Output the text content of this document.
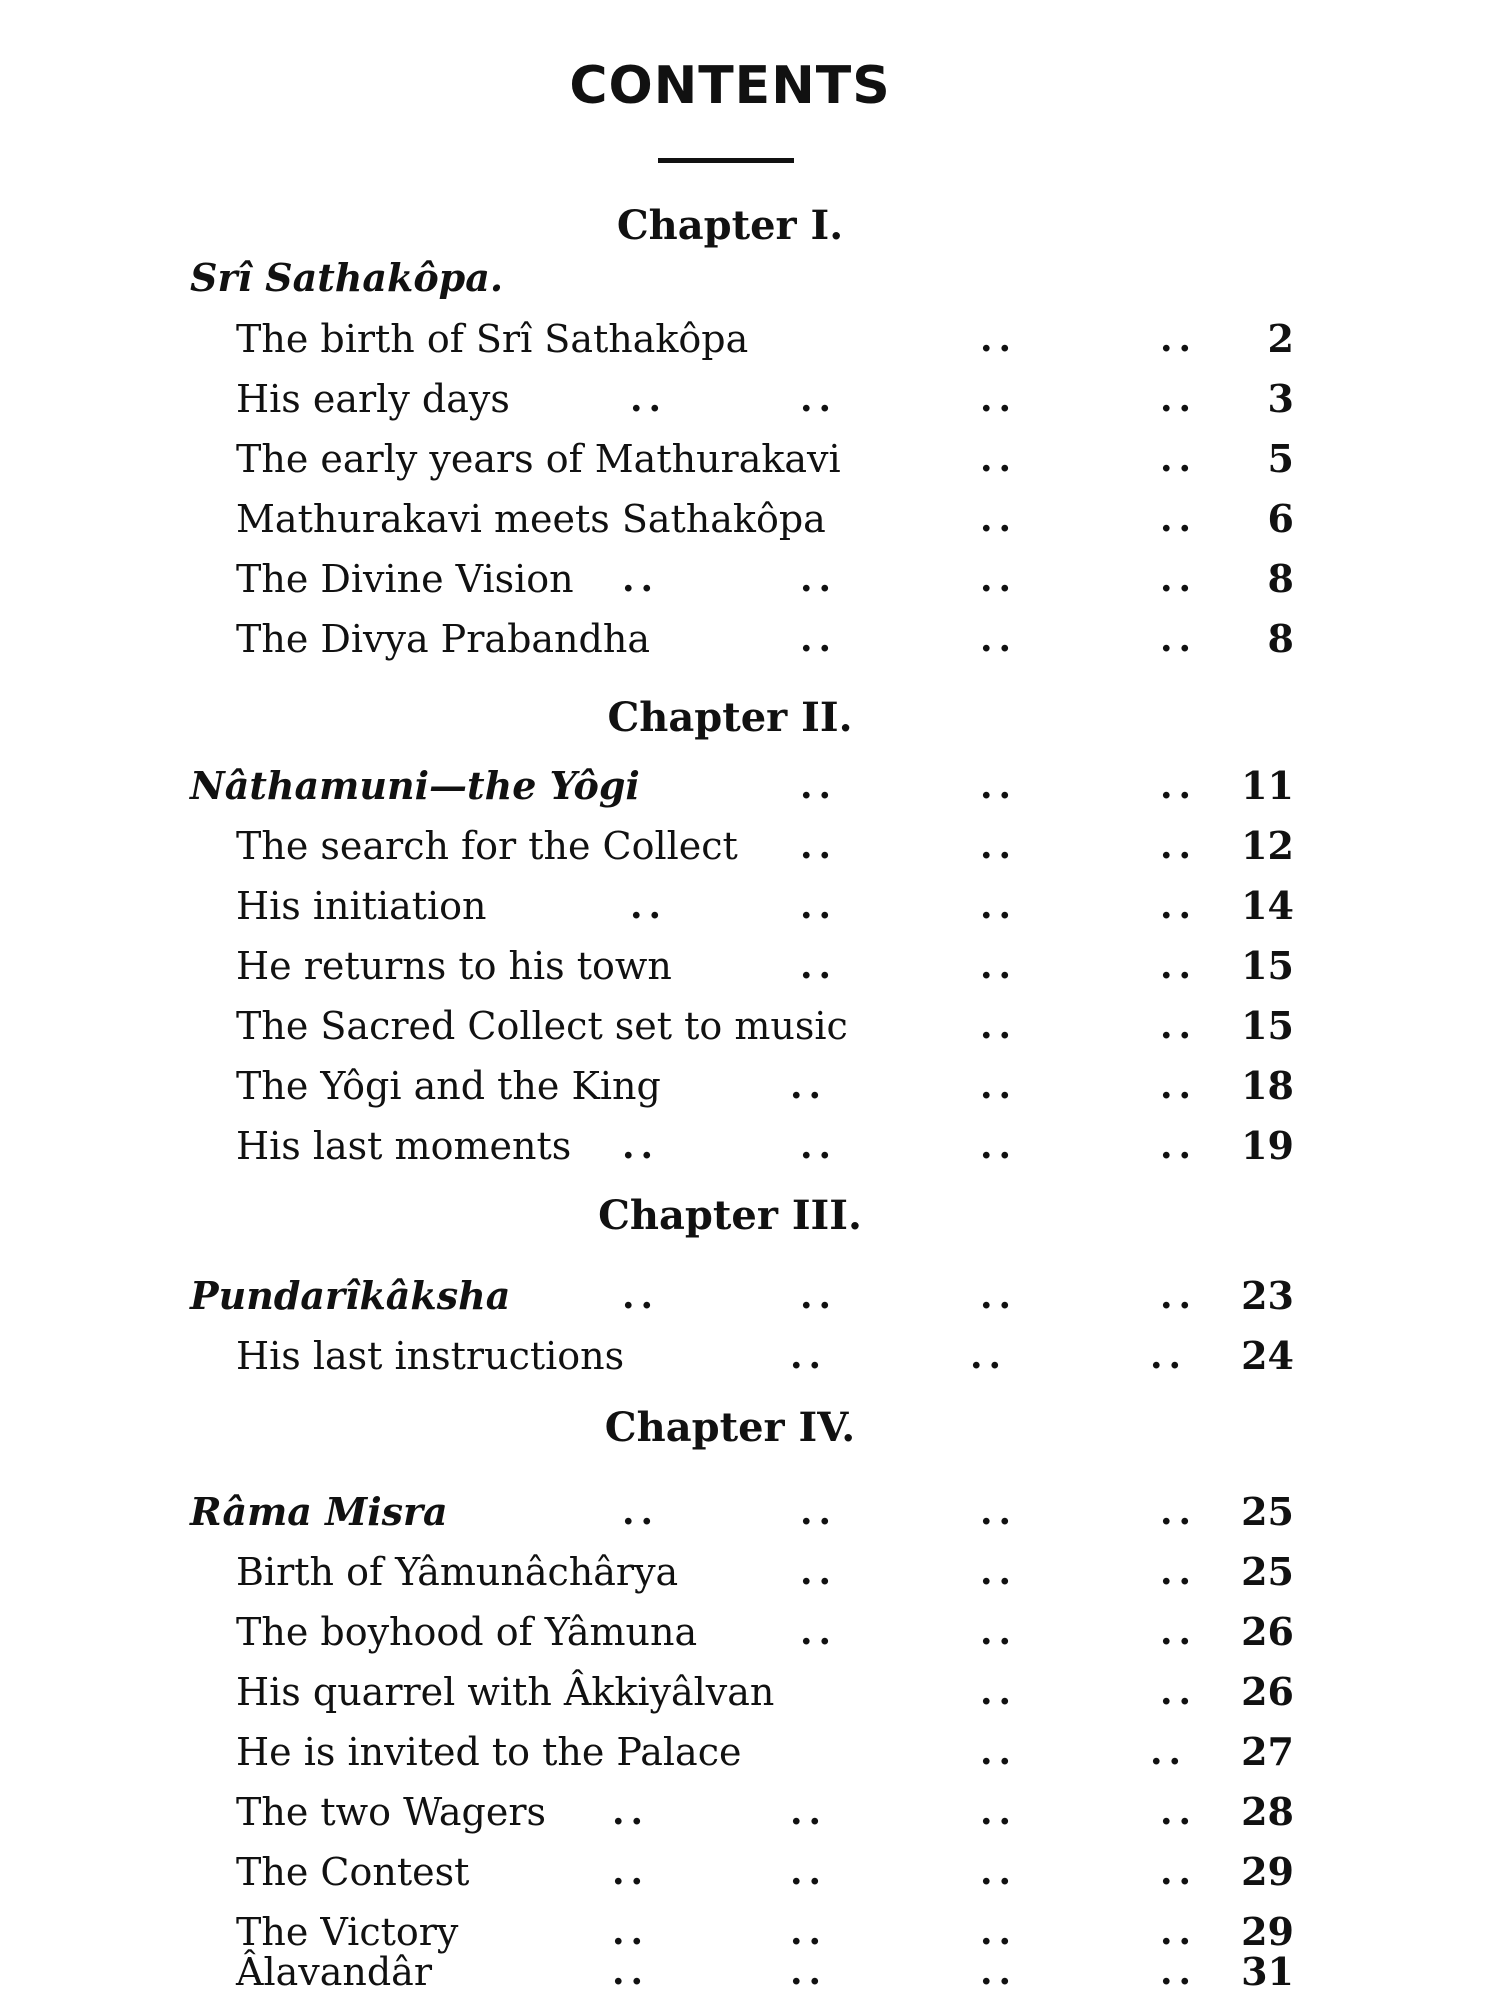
CONTENTS
Chapter I.
Srî Sathakôpa.
The birth of Srî Sathakôpa	..	.. 2
His early days	..	..	..	.. 3
The early years of Mathurakavi	..	.. 5
Mathurakavi meets Sathakôpa	..	.. 6
The Divine Vision ..	..	..	.. 8
The Divya Prabandha	..	..	.. 8
Chapter II.
Nâthamuni—the Yôgi	..	..	.. 11
The search for the Collect ..	..	.. 12
His initiation	..	..	..	.. 14
He returns to his town	..	..	.. 15
The Sacred Collect set to music	..	.. 15
The Yôgi and the King	..	..	.. 18
His last moments ..	..	..	.. 19
Chapter III.
Pundarîkâksha	..	..	..	.. 23
His last instructions	..	..	.. 24
Chapter IV.
Râma Misra	..	..	..	.. 25
Birth of Yâmunâchârya	..	..	.. 25
The boyhood of Yâmuna	..	..	.. 26
His quarrel with Âkkiyâlvan	..	.. 26
He is invited to the Palace	..	.. 27
The two Wagers ..	..	..	.. 28
The Contest	..	..	..	.. 29
The Victory	..	..	..	.. 29
Âlavandâr	..	..	..	.. 31
